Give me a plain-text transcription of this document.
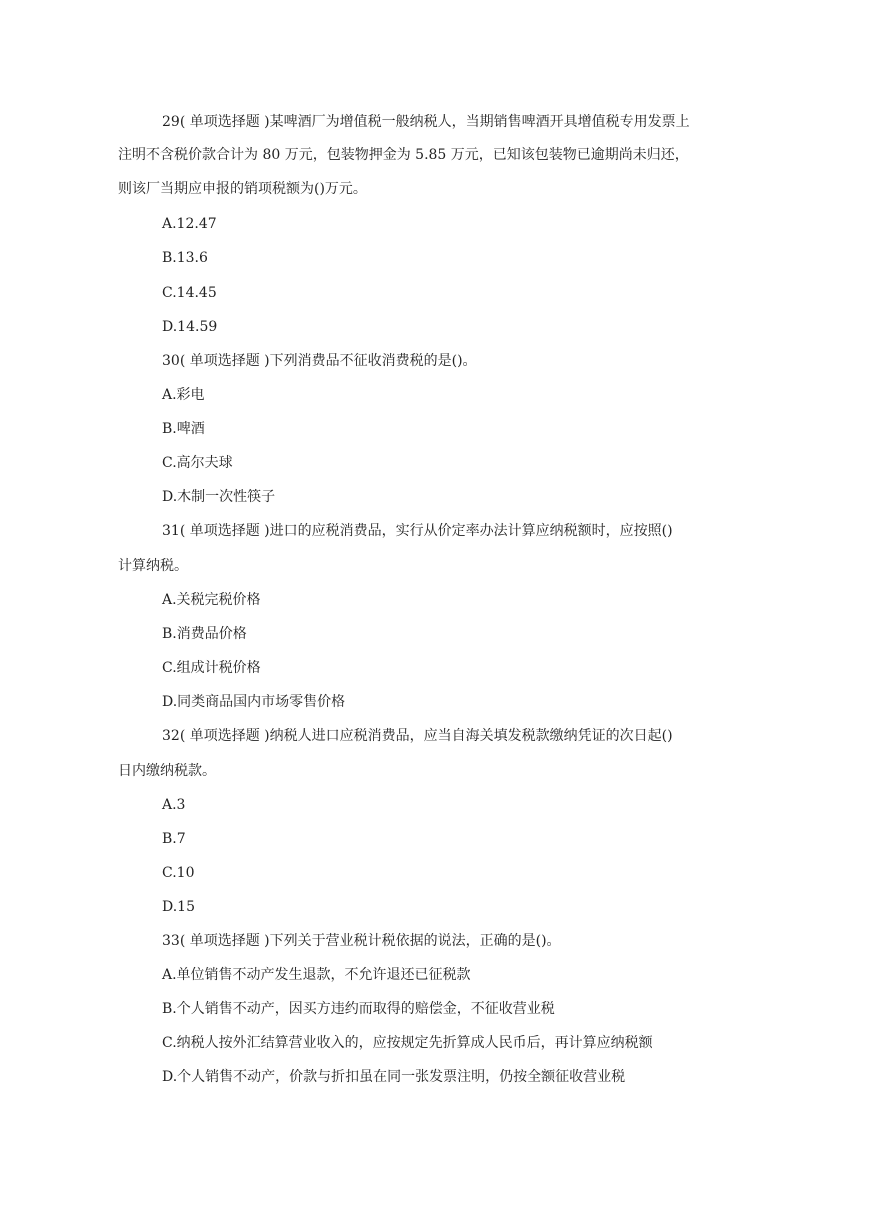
29( 单项选择题 )某啤酒厂为增值税一般纳税人，当期销售啤酒开具增值税专用发票上
注明不含税价款合计为 80 万元，包装物押金为 5.85 万元，已知该包装物已逾期尚未归还，
则该厂当期应申报的销项税额为()万元。
A.12.47
B.13.6
C.14.45
D.14.59
30( 单项选择题 )下列消费品不征收消费税的是()。
A.彩电
B.啤酒
C.高尔夫球
D.木制一次性筷子
31( 单项选择题 )进口的应税消费品，实行从价定率办法计算应纳税额时，应按照()
计算纳税。
A.关税完税价格
B.消费品价格
C.组成计税价格
D.同类商品国内市场零售价格
32( 单项选择题 )纳税人进口应税消费品，应当自海关填发税款缴纳凭证的次日起()
日内缴纳税款。
A.3
B.7
C.10
D.15
33( 单项选择题 )下列关于营业税计税依据的说法，正确的是()。
A.单位销售不动产发生退款，不允许退还已征税款
B.个人销售不动产，因买方违约而取得的赔偿金，不征收营业税
C.纳税人按外汇结算营业收入的，应按规定先折算成人民币后，再计算应纳税额
D.个人销售不动产，价款与折扣虽在同一张发票注明，仍按全额征收营业税
